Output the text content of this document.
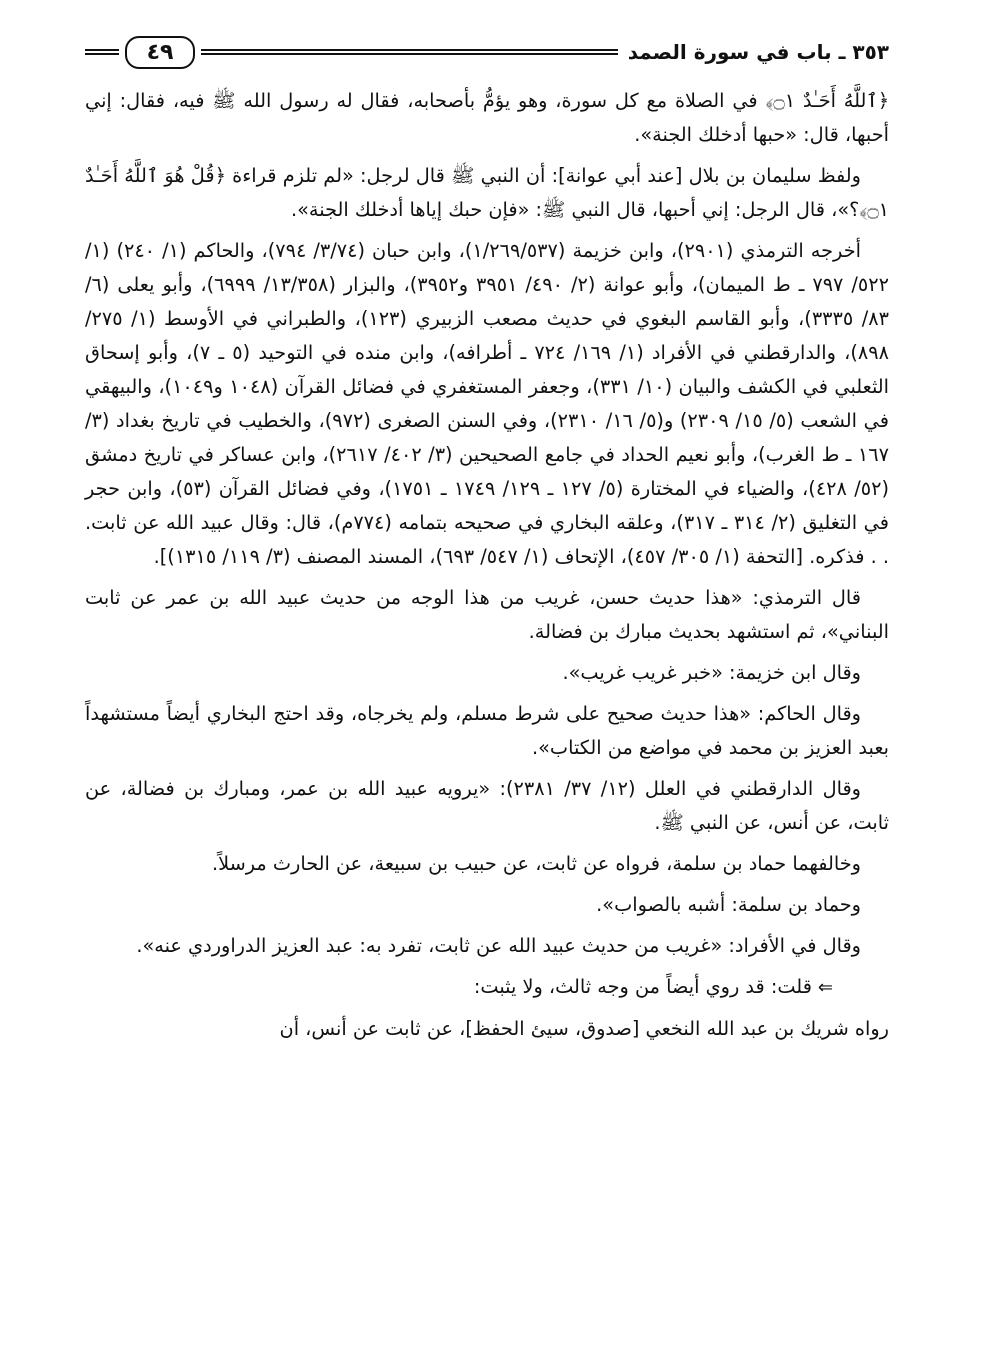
٣٥٣ ـ باب في سورة الصمد
٤٩

﴿ٱللَّهُ أَحَـٰدٌ ۝١﴾ في الصلاة مع كل سورة، وهو يؤمُّ بأصحابه، فقال له رسول الله ﷺ فيه، فقال: إني أحبها، قال: «حبها أدخلك الجنة».

ولفظ سليمان بن بلال [عند أبي عوانة]: أن النبي ﷺ قال لرجل: «لم تلزم قراءة ﴿قُلْ هُوَ ٱللَّهُ أَحَـٰدٌ ۝١﴾؟»، قال الرجل: إني أحبها، قال النبي ﷺ: «فإن حبك إياها أدخلك الجنة».

أخرجه الترمذي (٢٩٠١)، وابن خزيمة (١/٢٦٩/٥٣٧)، وابن حبان (٣/٧٤/ ٧٩٤)، والحاكم (١/ ٢٤٠) (١/ ٥٢٢/ ٧٩٧ ـ ط الميمان)، وأبو عوانة (٢/ ٤٩٠/ ٣٩٥١ و٣٩٥٢)، والبزار (١٣/٣٥٨/ ٦٩٩٩)، وأبو يعلى (٦/ ٨٣/ ٣٣٣٥)، وأبو القاسم البغوي في حديث مصعب الزبيري (١٢٣)، والطبراني في الأوسط (١/ ٢٧٥/ ٨٩٨)، والدارقطني في الأفراد (١/ ١٦٩/ ٧٢٤ ـ أطرافه)، وابن منده في التوحيد (٥ ـ ٧)، وأبو إسحاق الثعلبي في الكشف والبيان (١٠/ ٣٣١)، وجعفر المستغفري في فضائل القرآن (١٠٤٨ و١٠٤٩)، والبيهقي في الشعب (٥/ ١٥/ ٢٣٠٩) و(٥/ ١٦/ ٢٣١٠)، وفي السنن الصغرى (٩٧٢)، والخطيب في تاريخ بغداد (٣/ ١٦٧ ـ ط الغرب)، وأبو نعيم الحداد في جامع الصحيحين (٣/ ٤٠٢/ ٢٦١٧)، وابن عساكر في تاريخ دمشق (٥٢/ ٤٢٨)، والضياء في المختارة (٥/ ١٢٧ ـ ١٢٩/ ١٧٤٩ ـ ١٧٥١)، وفي فضائل القرآن (٥٣)، وابن حجر في التغليق (٢/ ٣١٤ ـ ٣١٧)، وعلقه البخاري في صحيحه بتمامه (٧٧٤م)، قال: وقال عبيد الله عن ثابت. . . فذكره. [التحفة (١/ ٣٠٥/ ٤٥٧)، الإتحاف (١/ ٥٤٧/ ٦٩٣)، المسند المصنف (٣/ ١١٩/ ١٣١٥)].

قال الترمذي: «هذا حديث حسن، غريب من هذا الوجه من حديث عبيد الله بن عمر عن ثابت البناني»، ثم استشهد بحديث مبارك بن فضالة.

وقال ابن خزيمة: «خبر غريب غريب».

وقال الحاكم: «هذا حديث صحيح على شرط مسلم، ولم يخرجاه، وقد احتج البخاري أيضاً مستشهداً بعبد العزيز بن محمد في مواضع من الكتاب».

وقال الدارقطني في العلل (١٢/ ٣٧/ ٢٣٨١): «يرويه عبيد الله بن عمر، ومبارك بن فضالة، عن ثابت، عن أنس، عن النبي ﷺ.

وخالفهما حماد بن سلمة، فرواه عن ثابت، عن حبيب بن سبيعة، عن الحارث مرسلاً.

وحماد بن سلمة: أشبه بالصواب».

وقال في الأفراد: «غريب من حديث عبيد الله عن ثابت، تفرد به: عبد العزيز الدراوردي عنه».

⇐قلت: قد روي أيضاً من وجه ثالث، ولا يثبت:

رواه شريك بن عبد الله النخعي [صدوق، سيئ الحفظ]، عن ثابت عن أنس، أن
